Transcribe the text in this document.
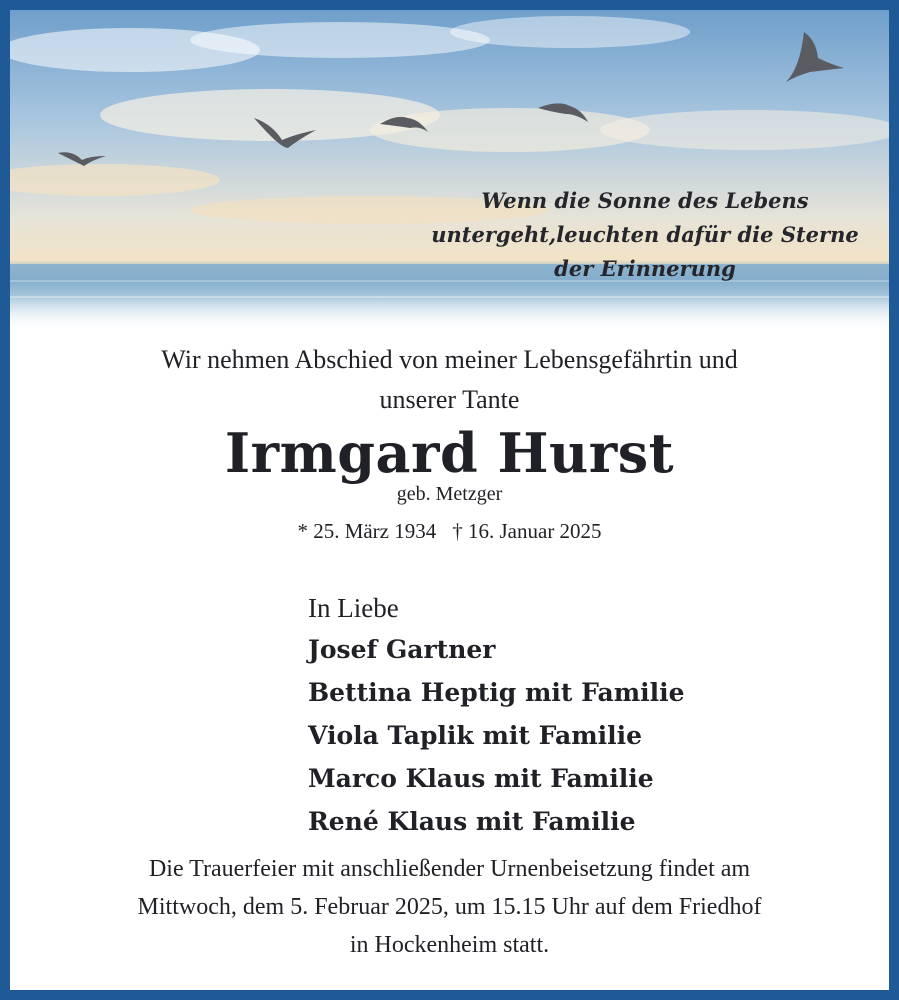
Wenn die Sonne des Lebens
untergeht,leuchten dafür die Sterne
der Erinnerung
Wir nehmen Abschied von meiner Lebensgefährtin und
unserer Tante
Irmgard Hurst
geb. Metzger
* 25. März 1934 † 16. Januar 2025
In Liebe
Josef Gartner
Bettina Heptig mit Familie
Viola Taplik mit Familie
Marco Klaus mit Familie
René Klaus mit Familie
Die Trauerfeier mit anschließender Urnenbeisetzung findet am
Mittwoch, dem 5. Februar 2025, um 15.15 Uhr auf dem Friedhof
in Hockenheim statt.
